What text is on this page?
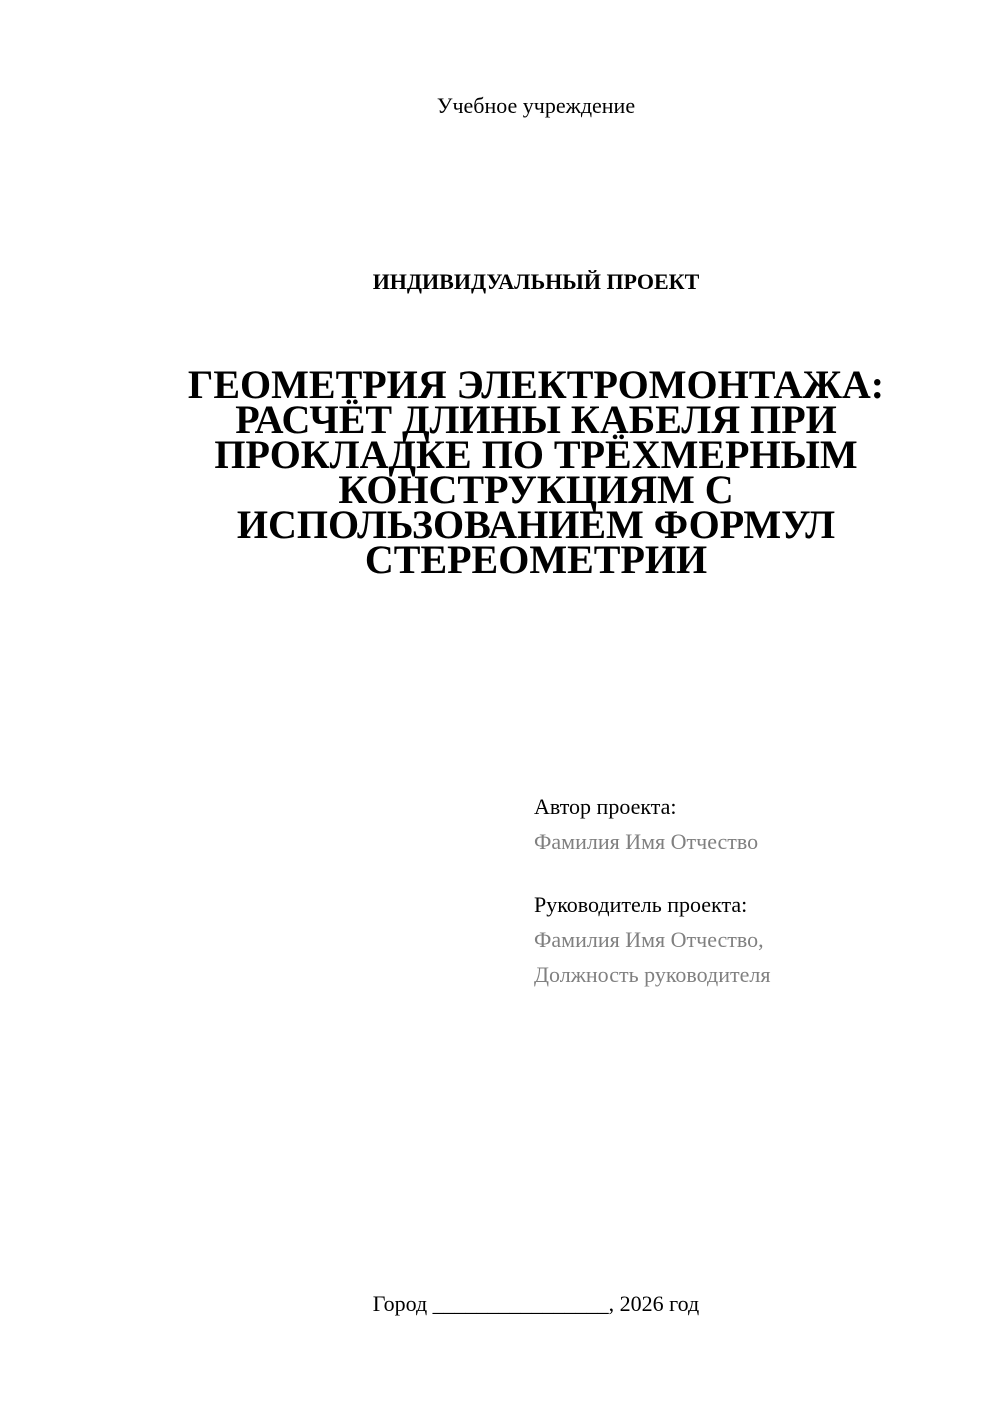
Учебное учреждение
ИНДИВИДУАЛЬНЫЙ ПРОЕКТ
ГЕОМЕТРИЯ ЭЛЕКТРОМОНТАЖА:
РАСЧЁТ ДЛИНЫ КАБЕЛЯ ПРИ
ПРОКЛАДКЕ ПО ТРЁХМЕРНЫМ
КОНСТРУКЦИЯМ С
ИСПОЛЬЗОВАНИЕМ ФОРМУЛ
СТЕРЕОМЕТРИИ
Автор проекта:
Фамилия Имя Отчество
Руководитель проекта:
Фамилия Имя Отчество,
Должность руководителя
Город ________________, 2026 год
